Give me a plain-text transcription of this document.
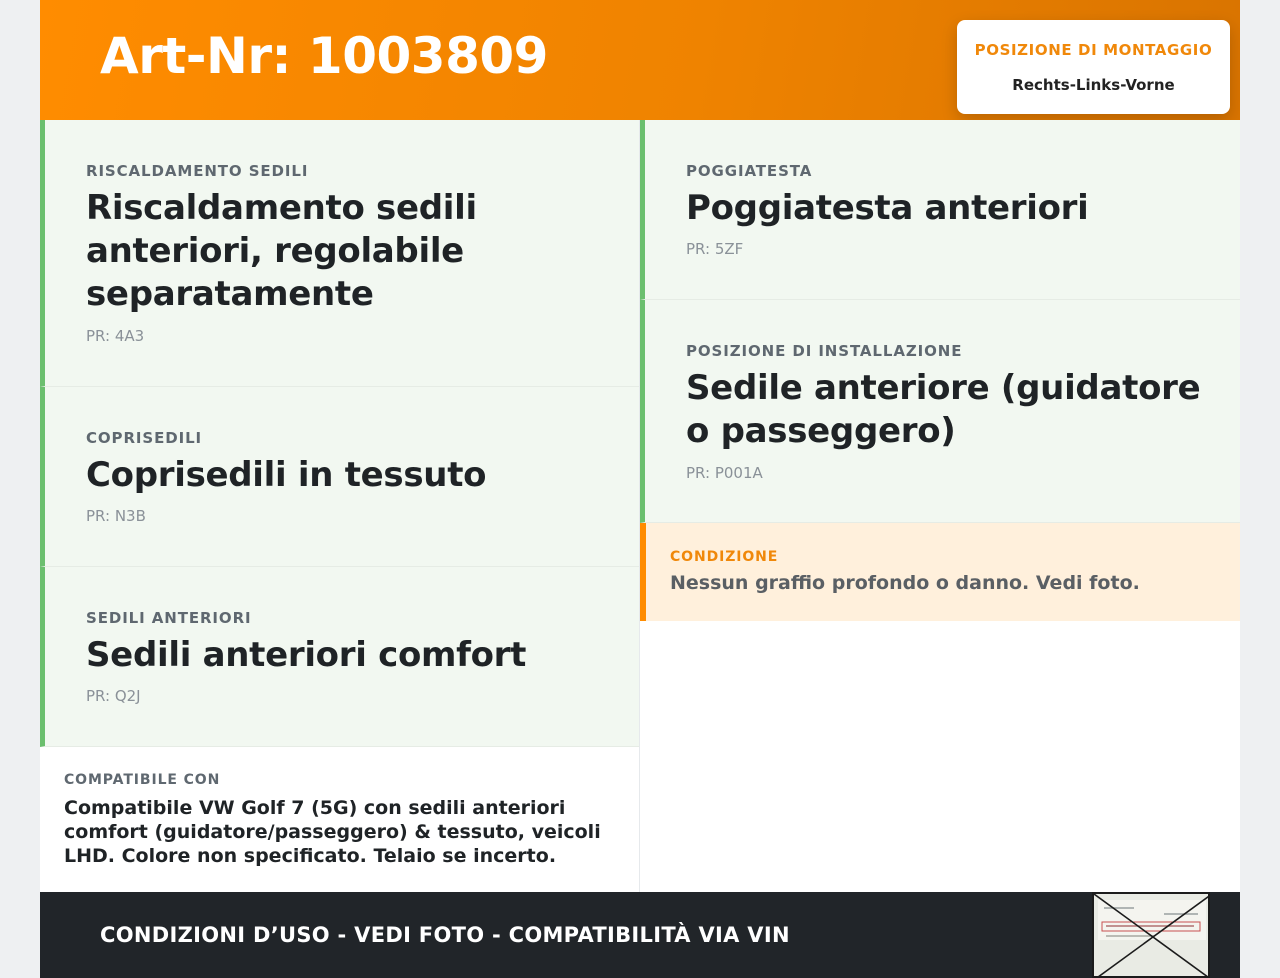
Art-Nr: 1003809	POSIZIONE DI MONTAGGIO
Rechts-Links-Vorne
RISCALDAMENTO SEDILI
Riscaldamento sedili anteriori, regolabile separatamente
PR: 4A3
COPRISEDILI
Coprisedili in tessuto
PR: N3B
SEDILI ANTERIORI
Sedili anteriori comfort
PR: Q2J
POGGIATESTA
Poggiatesta anteriori
PR: 5ZF
POSIZIONE DI INSTALLAZIONE
Sedile anteriore (guidatore o passeggero)
PR: P001A
CONDIZIONE
Nessun graffio profondo o danno. Vedi foto.
COMPATIBILE CON
Compatibile VW Golf 7 (5G) con sedili anteriori comfort (guidatore/passeggero) & tessuto, veicoli LHD. Colore non specificato. Telaio se incerto.
CONDIZIONI D’USO - VEDI FOTO - COMPATIBILITÀ VIA VIN
